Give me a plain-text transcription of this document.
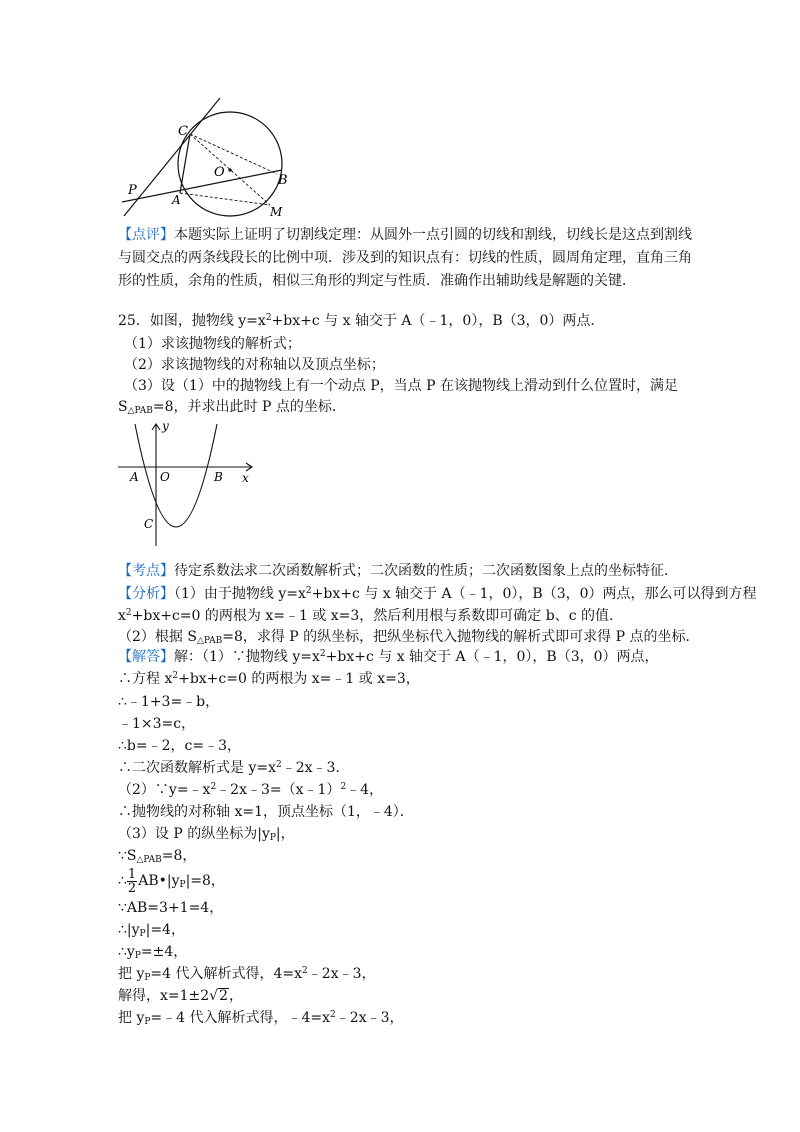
C
O
B
P
A
M
【点评】本题实际上证明了切割线定理：从圆外一点引圆的切线和割线，切线长是这点到割线
与圆交点的两条线段长的比例中项．涉及到的知识点有：切线的性质，圆周角定理，直角三角
形的性质，余角的性质，相似三角形的判定与性质．准确作出辅助线是解题的关键．
25．如图，抛物线 $y=x^2+bx+c$ 与 x 轴交于 A（﹣1，0），B（3，0）两点．
（1）求该抛物线的解析式；
（2）求该抛物线的对称轴以及顶点坐标；
（3）设（1）中的抛物线上有一个动点 P，当点 P 在该抛物线上滑动到什么位置时，满足
$S_{\triangle PAB}=8$，并求出此时 P 点的坐标．
y
A O	B x
C
【考点】待定系数法求二次函数解析式；二次函数的性质；二次函数图象上点的坐标特征．
【分析】（1）由于抛物线 $y=x^2+bx+c$ 与 x 轴交于 A（﹣1，0），B（3，0）两点，那么可以得到方程
$x^2+bx+c=0$ 的两根为 x=﹣1 或 x=3，然后利用根与系数即可确定 b、c 的值．
（2）根据 $S_{\triangle PAB}=8$，求得 P 的纵坐标，把纵坐标代入抛物线的解析式即可求得 P 点的坐标．
【解答】解：（1）∵抛物线 $y=x^2+bx+c$ 与 x 轴交于 A（﹣1，0），B（3，0）两点，
∴方程 $x^2+bx+c=0$ 的两根为 x=﹣1 或 x=3，
∴﹣1+3=﹣b，
﹣1×3=c，
∴b=﹣2，c=﹣3，
∴二次函数解析式是 $y=x^2﹣2x﹣3$．
$(2)\because y=﹣x^2﹣2x﹣3=(x﹣1)^2﹣4$，
∴抛物线的对称轴 x=1，顶点坐标（1，﹣4）．
（3）设 P 的纵坐标为$|y_P|$，
$\because S_{\triangle PAB}=8$，
∴ $\frac{1}{2}$ $AB•|y_P|=8$，
∵AB=3+1=4，
$\therefore|y_P|=4$，
$\therefore y_P=\pm 4$，
把 $y_P=4$ 代入解析式得，$4=x^2﹣2x﹣3$，
解得，x=1±2√2，
把 $y_P=﹣4$ 代入解析式得，$﹣4=x^2﹣2x﹣3$，
